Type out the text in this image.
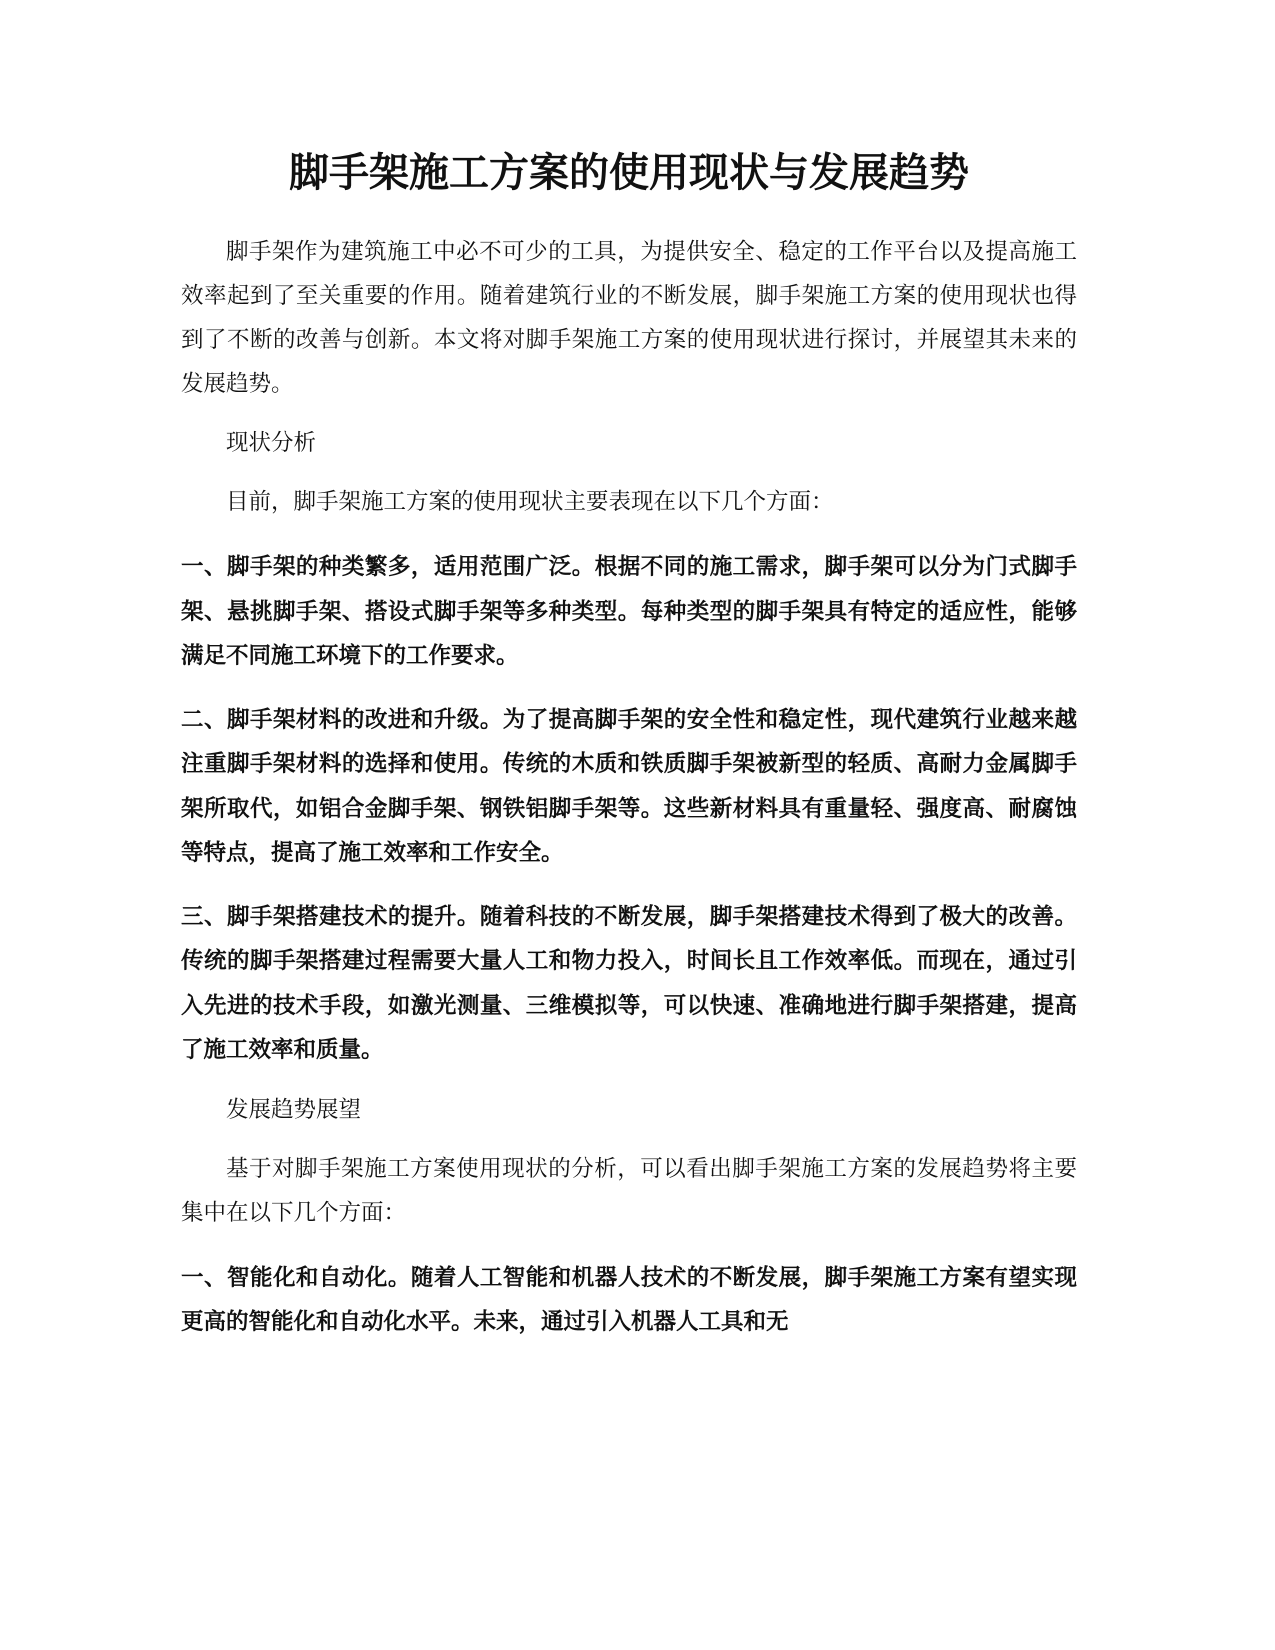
脚手架施工方案的使用现状与发展趋势

脚手架作为建筑施工中必不可少的工具，为提供安全、稳定的工作平台以及提高施工效率起到了至关重要的作用。随着建筑行业的不断发展，脚手架施工方案的使用现状也得到了不断的改善与创新。本文将对脚手架施工方案的使用现状进行探讨，并展望其未来的发展趋势。

现状分析

目前，脚手架施工方案的使用现状主要表现在以下几个方面：

一、脚手架的种类繁多，适用范围广泛。根据不同的施工需求，脚手架可以分为门式脚手架、悬挑脚手架、搭设式脚手架等多种类型。每种类型的脚手架具有特定的适应性，能够满足不同施工环境下的工作要求。

二、脚手架材料的改进和升级。为了提高脚手架的安全性和稳定性，现代建筑行业越来越注重脚手架材料的选择和使用。传统的木质和铁质脚手架被新型的轻质、高耐力金属脚手架所取代，如铝合金脚手架、钢铁铝脚手架等。这些新材料具有重量轻、强度高、耐腐蚀等特点，提高了施工效率和工作安全。

三、脚手架搭建技术的提升。随着科技的不断发展，脚手架搭建技术得到了极大的改善。传统的脚手架搭建过程需要大量人工和物力投入，时间长且工作效率低。而现在，通过引入先进的技术手段，如激光测量、三维模拟等，可以快速、准确地进行脚手架搭建，提高了施工效率和质量。

发展趋势展望

基于对脚手架施工方案使用现状的分析，可以看出脚手架施工方案的发展趋势将主要集中在以下几个方面：

一、智能化和自动化。随着人工智能和机器人技术的不断发展，脚手架施工方案有望实现更高的智能化和自动化水平。未来，通过引入机器人工具和无
